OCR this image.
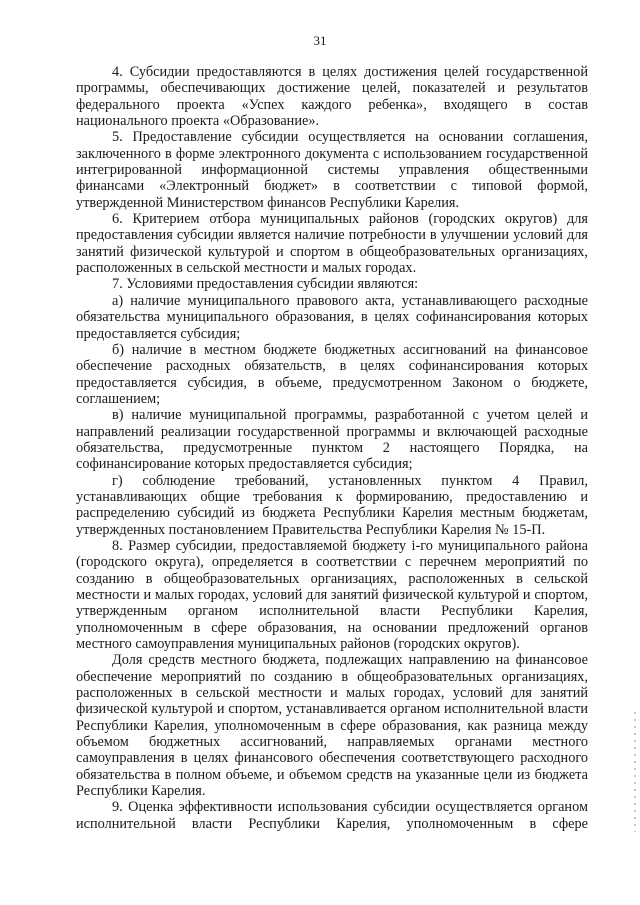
31

4. Субсидии предоставляются в целях достижения целей государственной программы, обеспечивающих достижение целей, показателей и результатов федерального проекта «Успех каждого ребенка», входящего в состав национального проекта «Образование».

5. Предоставление субсидии осуществляется на основании соглашения, заключенного в форме электронного документа с использованием государственной интегрированной информационной системы управления общественными финансами «Электронный бюджет» в соответствии с типовой формой, утвержденной Министерством финансов Республики Карелия.

6. Критерием отбора муниципальных районов (городских округов) для предоставления субсидии является наличие потребности в улучшении условий для занятий физической культурой и спортом в общеобразовательных организациях, расположенных в сельской местности и малых городах.

7. Условиями предоставления субсидии являются:

а) наличие муниципального правового акта, устанавливающего расходные обязательства муниципального образования, в целях софинансирования которых предоставляется субсидия;

б) наличие в местном бюджете бюджетных ассигнований на финансовое обеспечение расходных обязательств, в целях софинансирования которых предоставляется субсидия, в объеме, предусмотренном Законом о бюджете, соглашением;

в) наличие муниципальной программы, разработанной с учетом целей и направлений реализации государственной программы и включающей расходные обязательства, предусмотренные пунктом 2 настоящего Порядка, на софинансирование которых предоставляется субсидия;

г) соблюдение требований, установленных пунктом 4 Правил, устанавливающих общие требования к формированию, предоставлению и распределению субсидий из бюджета Республики Карелия местным бюджетам, утвержденных постановлением Правительства Республики Карелия № 15-П.

8. Размер субсидии, предоставляемой бюджету i-го муниципального района (городского округа), определяется в соответствии с перечнем мероприятий по созданию в общеобразовательных организациях, расположенных в сельской местности и малых городах, условий для занятий физической культурой и спортом, утвержденным органом исполнительной власти Республики Карелия, уполномоченным в сфере образования, на основании предложений органов местного самоуправления муниципальных районов (городских округов).

Доля средств местного бюджета, подлежащих направлению на финансовое обеспечение мероприятий по созданию в общеобразовательных организациях, расположенных в сельской местности и малых городах, условий для занятий физической культурой и спортом, устанавливается органом исполнительной власти Республики Карелия, уполномоченным в сфере образования, как разница между объемом бюджетных ассигнований, направляемых органами местного самоуправления в целях финансового обеспечения соответствующего расходного обязательства в полном объеме, и объемом средств на указанные цели из бюджета Республики Карелия.

9. Оценка эффективности использования субсидии осуществляется органом исполнительной власти Республики Карелия, уполномоченным в сфере
